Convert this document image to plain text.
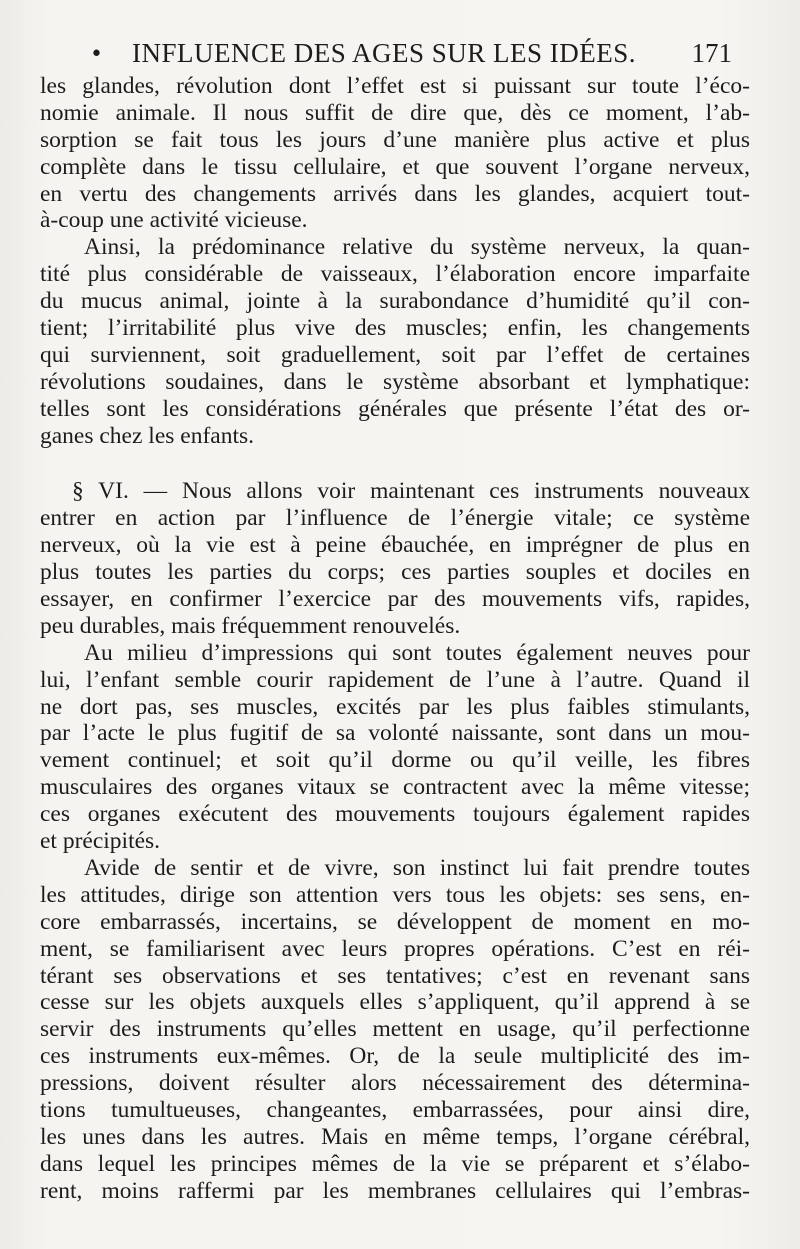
• INFLUENCE DES AGES SUR LES IDÉES. 171
les glandes, révolution dont l’effet est si puissant sur toute l’éco-
nomie animale. Il nous suffit de dire que, dès ce moment, l’ab-
sorption se fait tous les jours d’une manière plus active et plus
complète dans le tissu cellulaire, et que souvent l’organe nerveux,
en vertu des changements arrivés dans les glandes, acquiert tout-
à-coup une activité vicieuse.
Ainsi, la prédominance relative du système nerveux, la quan-
tité plus considérable de vaisseaux, l’élaboration encore imparfaite
du mucus animal, jointe à la surabondance d’humidité qu’il con-
tient; l’irritabilité plus vive des muscles; enfin, les changements
qui surviennent, soit graduellement, soit par l’effet de certaines
révolutions soudaines, dans le système absorbant et lymphatique:
telles sont les considérations générales que présente l’état des or-
ganes chez les enfants.
§ VI. — Nous allons voir maintenant ces instruments nouveaux
entrer en action par l’influence de l’énergie vitale; ce système
nerveux, où la vie est à peine ébauchée, en imprégner de plus en
plus toutes les parties du corps; ces parties souples et dociles en
essayer, en confirmer l’exercice par des mouvements vifs, rapides,
peu durables, mais fréquemment renouvelés.
Au milieu d’impressions qui sont toutes également neuves pour
lui, l’enfant semble courir rapidement de l’une à l’autre. Quand il
ne dort pas, ses muscles, excités par les plus faibles stimulants,
par l’acte le plus fugitif de sa volonté naissante, sont dans un mou-
vement continuel; et soit qu’il dorme ou qu’il veille, les fibres
musculaires des organes vitaux se contractent avec la même vitesse;
ces organes exécutent des mouvements toujours également rapides
et précipités.
Avide de sentir et de vivre, son instinct lui fait prendre toutes
les attitudes, dirige son attention vers tous les objets: ses sens, en-
core embarrassés, incertains, se développent de moment en mo-
ment, se familiarisent avec leurs propres opérations. C’est en réi-
térant ses observations et ses tentatives; c’est en revenant sans
cesse sur les objets auxquels elles s’appliquent, qu’il apprend à se
servir des instruments qu’elles mettent en usage, qu’il perfectionne
ces instruments eux-mêmes. Or, de la seule multiplicité des im-
pressions, doivent résulter alors nécessairement des détermina-
tions tumultueuses, changeantes, embarrassées, pour ainsi dire,
les unes dans les autres. Mais en même temps, l’organe cérébral,
dans lequel les principes mêmes de la vie se préparent et s’élabo-
rent, moins raffermi par les membranes cellulaires qui l’embras-
